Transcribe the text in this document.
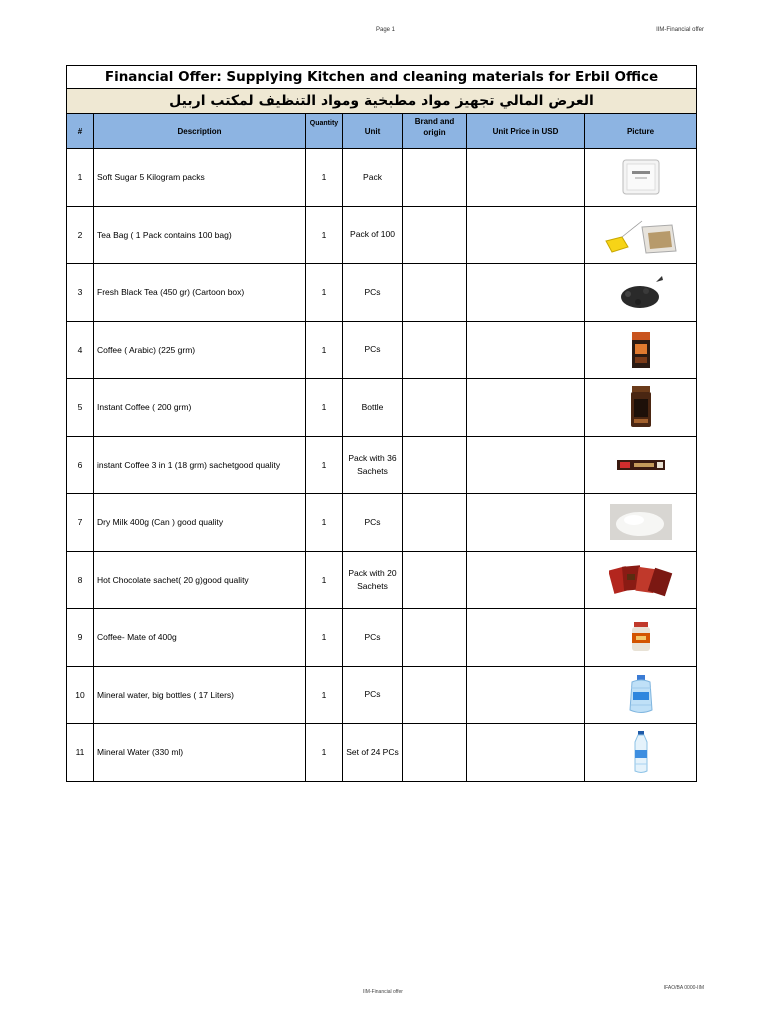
Page 1	IIM-Financial offer
Financial Offer: Supplying Kitchen and cleaning materials for Erbil Office						
العرض المالي تجهيز مواد مطبخية ومواد التنظيف لمكتب اربيل						
#	Description	Quantity	Unit	Brand and origin	Unit Price in USD	Picture
1	Soft Sugar 5 Kilogram packs	1	Pack			

2	Tea Bag ( 1 Pack contains 100 bag)	1	Pack of 100			

3	Fresh Black Tea (450 gr) (Cartoon box)	1	PCs			

4	Coffee ( Arabic) (225 grm)	1	PCs			

5	Instant Coffee ( 200 grm)	1	Bottle			

6	instant Coffee 3 in 1 (18 grm) sachetgood quality	1	Pack with 36 Sachets			

7	Dry Milk 400g (Can ) good quality	1	PCs			

8	Hot Chocolate sachet( 20 g)good quality	1	Pack with 20 Sachets			

9	Coffee- Mate of 400g	1	PCs			

10	Mineral water, big bottles ( 17 Liters)	1	PCs			

11	Mineral Water (330 ml)	1	Set of 24 PCs			
IIM-Financial offer
IFAO/BA 0000-IIM
